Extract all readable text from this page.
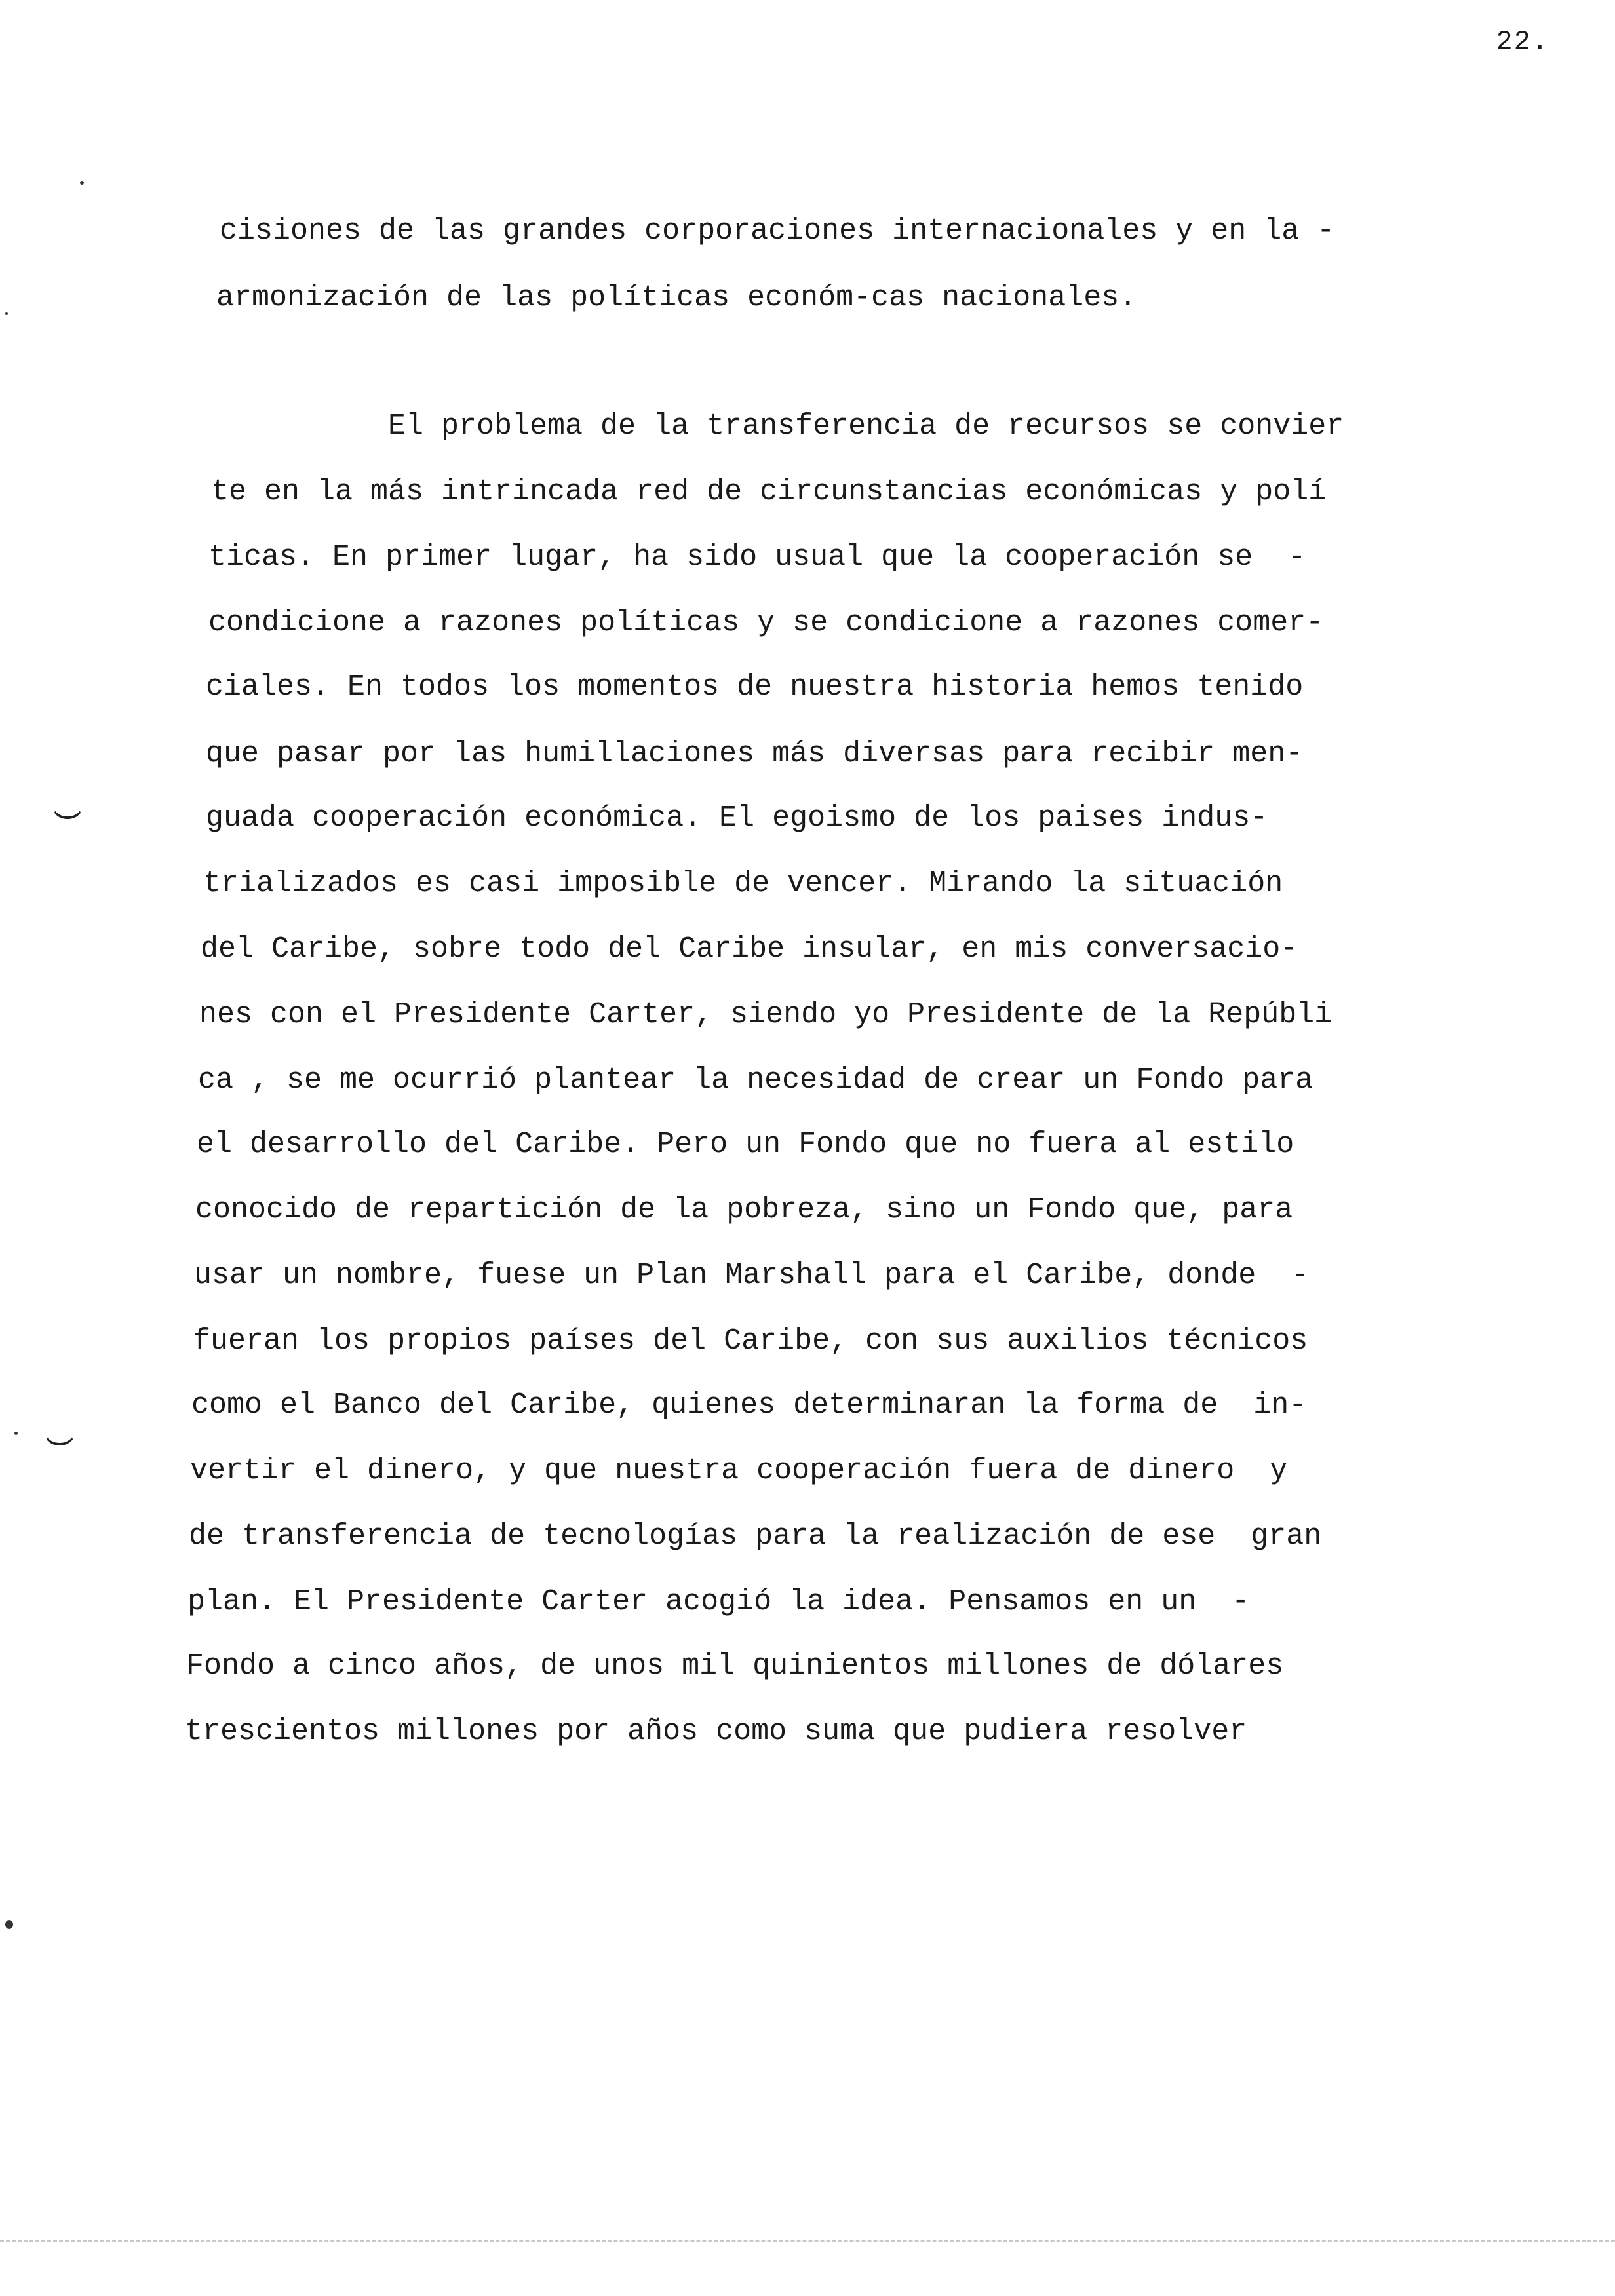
22.
cisiones de las grandes corporaciones internacionales y en la -
armonización de las políticas económ-cas nacionales.
El problema de la transferencia de recursos se convier
te en la más intrincada red de circunstancias económicas y polí
ticas. En primer lugar, ha sido usual que la cooperación se  -
condicione a razones políticas y se condicione a razones comer-
ciales. En todos los momentos de nuestra historia hemos tenido
que pasar por las humillaciones más diversas para recibir men-
guada cooperación económica. El egoismo de los paises indus-
trializados es casi imposible de vencer. Mirando la situación
del Caribe, sobre todo del Caribe insular, en mis conversacio-
nes con el Presidente Carter, siendo yo Presidente de la Repúbli
ca , se me ocurrió plantear la necesidad de crear un Fondo para
el desarrollo del Caribe. Pero un Fondo que no fuera al estilo
conocido de repartición de la pobreza, sino un Fondo que, para
usar un nombre, fuese un Plan Marshall para el Caribe, donde  -
fueran los propios países del Caribe, con sus auxilios técnicos
como el Banco del Caribe, quienes determinaran la forma de  in-
vertir el dinero, y que nuestra cooperación fuera de dinero  y
de transferencia de tecnologías para la realización de ese  gran
plan. El Presidente Carter acogió la idea. Pensamos en un  -
Fondo a cinco años, de unos mil quinientos millones de dólares
trescientos millones por años como suma que pudiera resolver
